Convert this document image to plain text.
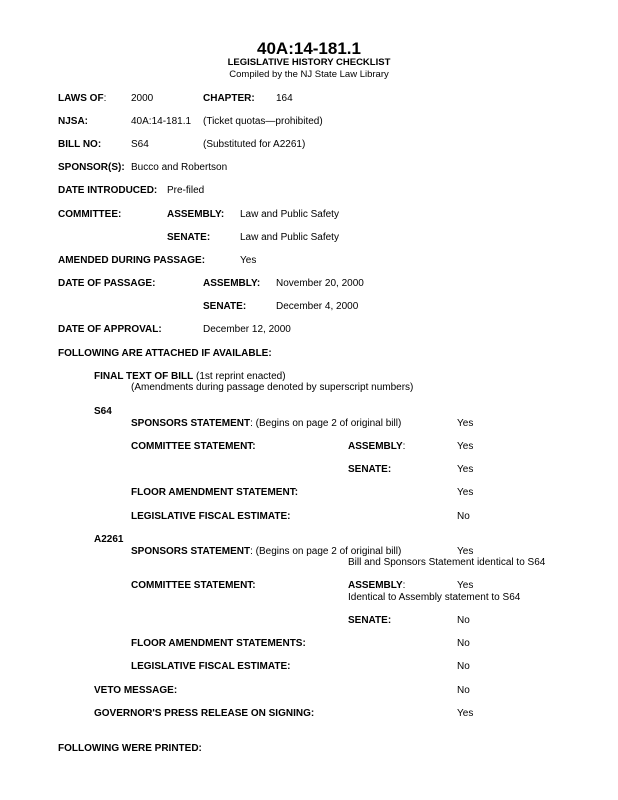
40A:14-181.1
LEGISLATIVE HISTORY CHECKLIST
Compiled by the NJ State Law Library
LAWS OF: 2000	CHAPTER: 164
NJSA:	40A:14-181.1 (Ticket quotas—prohibited)
BILL NO:	S64	(Substituted for A2261)
SPONSOR(S): Bucco and Robertson
DATE INTRODUCED: Pre-filed
COMMITTEE:	ASSEMBLY: Law and Public Safety
SENATE:	Law and Public Safety
AMENDED DURING PASSAGE:	Yes
DATE OF PASSAGE:	ASSEMBLY: November 20, 2000
SENATE:	December 4, 2000
DATE OF APPROVAL:	December 12, 2000
FOLLOWING ARE ATTACHED IF AVAILABLE:
FINAL TEXT OF BILL (1st reprint enacted)
(Amendments during passage denoted by superscript numbers)
S64
SPONSORS STATEMENT: (Begins on page 2 of original bill)	Yes
COMMITTEE STATEMENT:	ASSEMBLY:	Yes
SENATE:	Yes
FLOOR AMENDMENT STATEMENT:	Yes
LEGISLATIVE FISCAL ESTIMATE:	No
A2261
SPONSORS STATEMENT: (Begins on page 2 of original bill)	Yes
Bill and Sponsors Statement identical to S64
COMMITTEE STATEMENT:	ASSEMBLY:	Yes
Identical to Assembly statement to S64
SENATE:	No
FLOOR AMENDMENT STATEMENTS:	No
LEGISLATIVE FISCAL ESTIMATE:	No
VETO MESSAGE:	No
GOVERNOR'S PRESS RELEASE ON SIGNING:	Yes
FOLLOWING WERE PRINTED:
